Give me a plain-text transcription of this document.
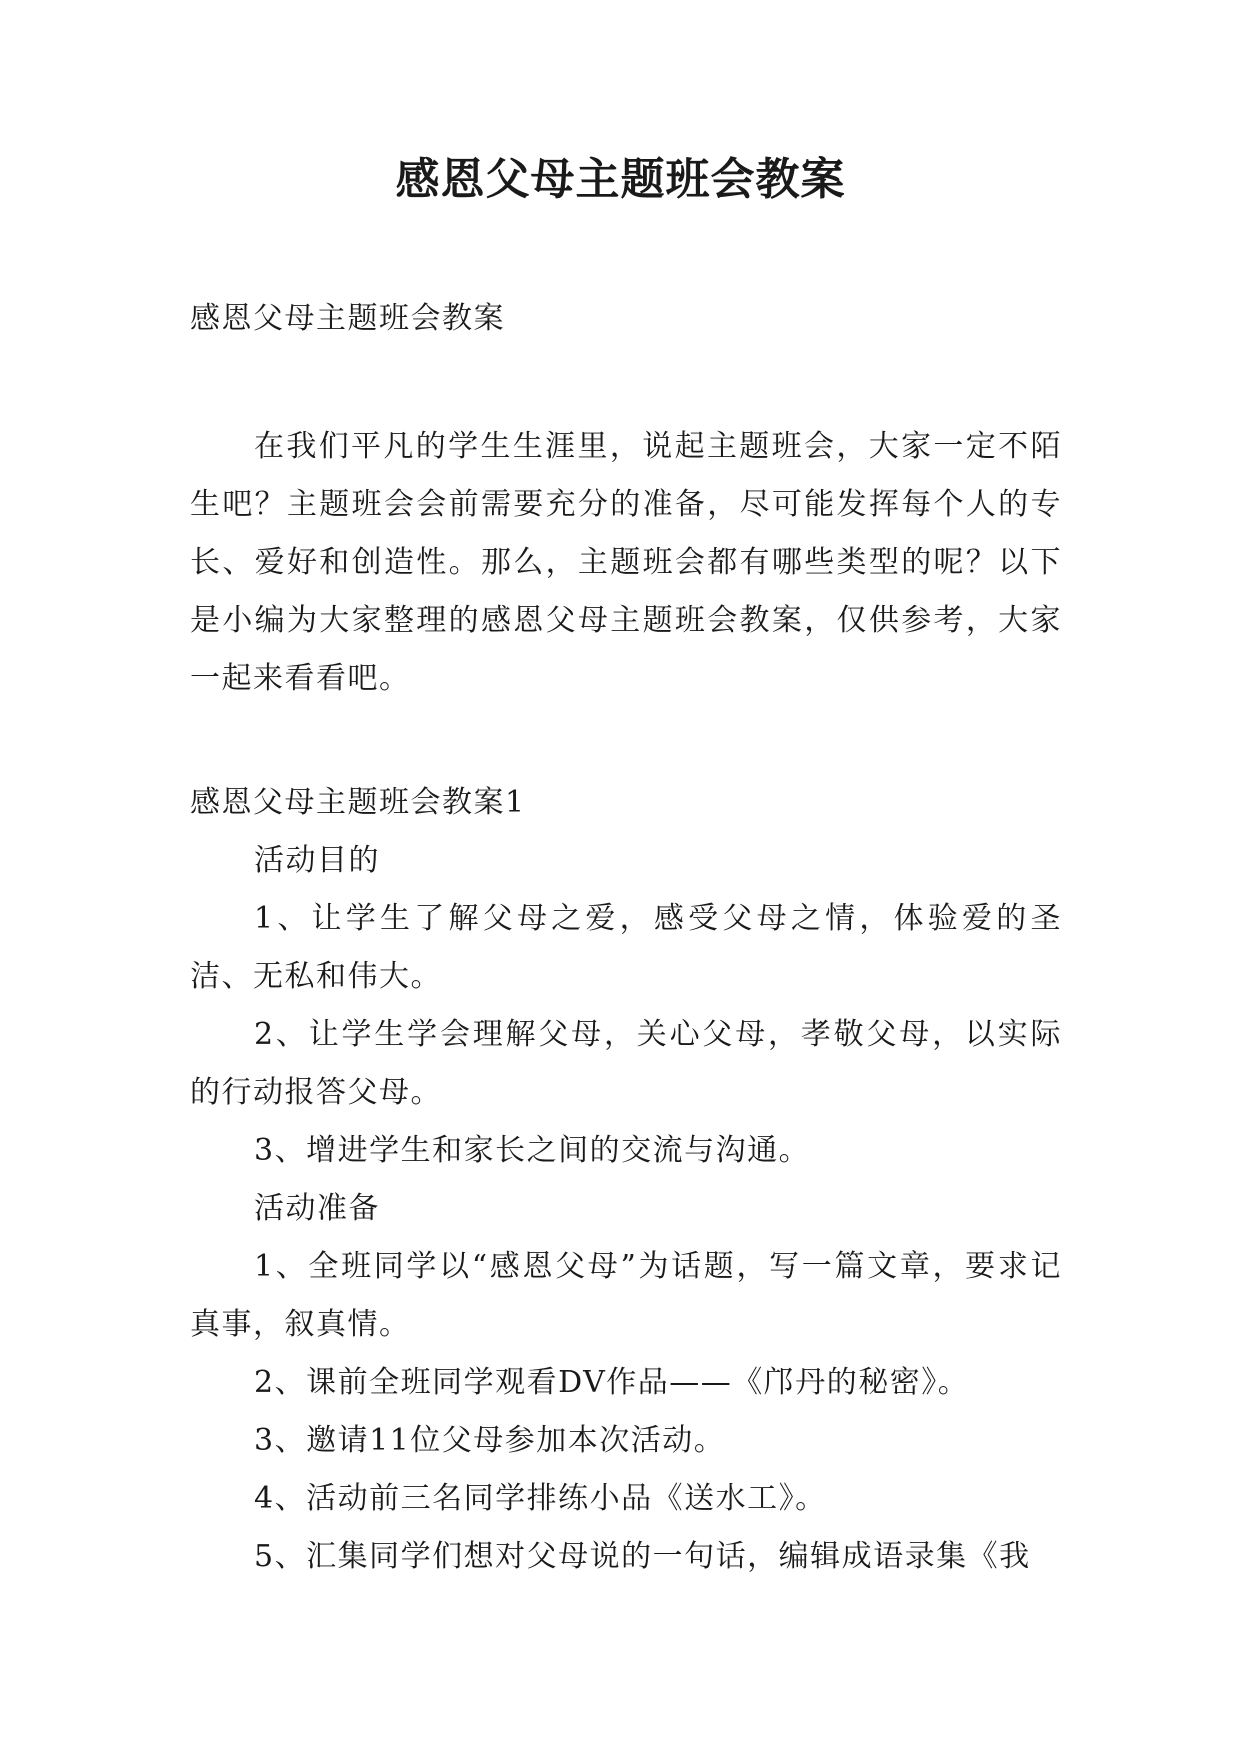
感恩父母主题班会教案

感恩父母主题班会教案

在我们平凡的学生生涯里，说起主题班会，大家一定不陌生吧？主题班会会前需要充分的准备，尽可能发挥每个人的专长、爱好和创造性。那么，主题班会都有哪些类型的呢？以下是小编为大家整理的感恩父母主题班会教案，仅供参考，大家一起来看看吧。

感恩父母主题班会教案1

活动目的

1、让学生了解父母之爱，感受父母之情，体验爱的圣洁、无私和伟大。

2、让学生学会理解父母，关心父母，孝敬父母，以实际的行动报答父母。

3、增进学生和家长之间的交流与沟通。

活动准备

1、全班同学以“感恩父母”为话题，写一篇文章，要求记真事，叙真情。

2、课前全班同学观看DV作品——《邝丹的秘密》。

3、邀请11位父母参加本次活动。

4、活动前三名同学排练小品《送水工》。

5、汇集同学们想对父母说的一句话，编辑成语录集《我
